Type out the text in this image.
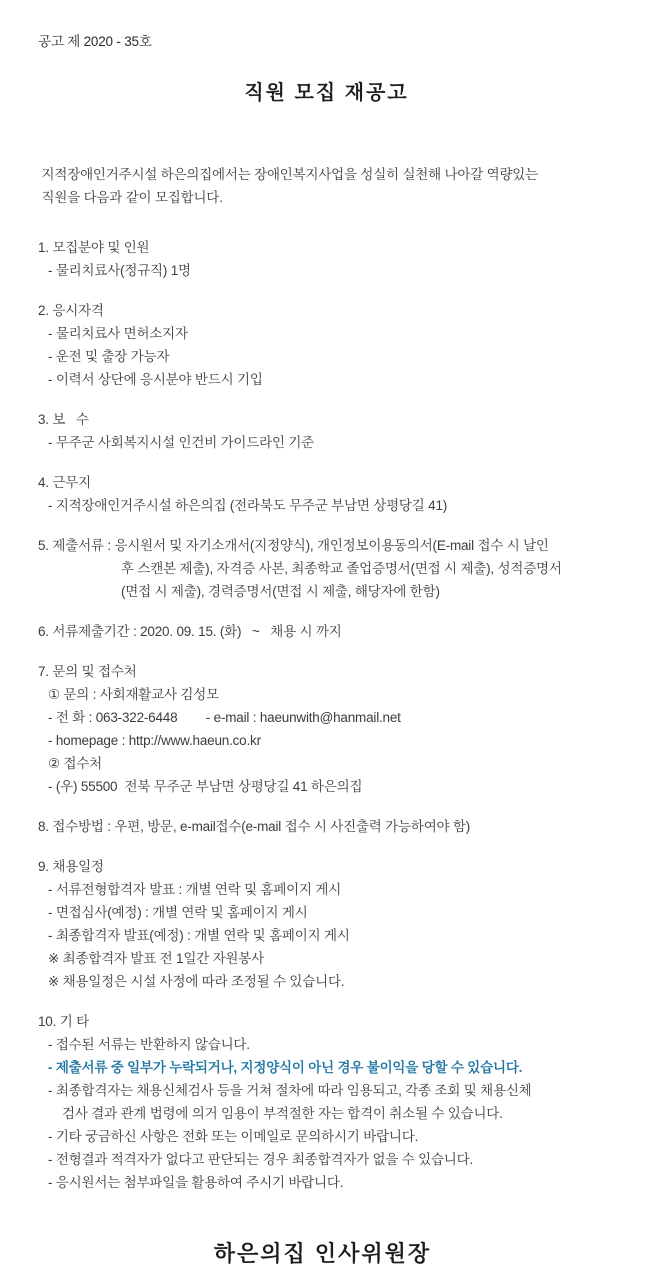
공고 제 2020 - 35호
직원 모집 재공고
지적장애인거주시설 하은의집에서는 장애인복지사업을 성실히 실천해 나아갈 역량있는
직원을 다음과 같이 모집합니다.
1. 모집분야 및 인원
- 물리치료사(정규직) 1명
2. 응시자격
- 물리치료사 면허소지자
- 운전 및 출장 가능자
- 이력서 상단에 응시분야 반드시 기입
3. 보   수
- 무주군 사회복지시설 인건비 가이드라인 기준
4. 근무지
- 지적장애인거주시설 하은의집 (전라북도 무주군 부남면 상평당길 41)
5. 제출서류 : 응시원서 및 자기소개서(지정양식), 개인정보이용동의서(E-mail 접수 시 날인
후 스캔본 제출), 자격증 사본, 최종학교 졸업증명서(면접 시 제출), 성적증명서
(면접 시 제출), 경력증명서(면접 시 제출, 해당자에 한함)
6. 서류제출기간 : 2020. 09. 15. (화)   ~   채용 시 까지
7. 문의 및 접수처
① 문의 : 사회재활교사 김성모
- 전 화 : 063-322-6448        - e-mail : haeunwith@hanmail.net
- homepage : http://www.haeun.co.kr
② 접수처
- (우) 55500  전북 무주군 부남면 상평당길 41 하은의집
8. 접수방법 : 우편, 방문, e-mail접수(e-mail 접수 시 사진출력 가능하여야 함)
9. 채용일정
- 서류전형합격자 발표 : 개별 연락 및 홈페이지 게시
- 면접심사(예정) : 개별 연락 및 홈페이지 게시
- 최종합격자 발표(예정) : 개별 연락 및 홈페이지 게시
※ 최종합격자 발표 전 1일간 자원봉사
※ 채용일정은 시설 사정에 따라 조정될 수 있습니다.
10. 기 타
- 접수된 서류는 반환하지 않습니다.
- 제출서류 중 일부가 누락되거나, 지정양식이 아닌 경우 불이익을 당할 수 있습니다.
- 최종합격자는 채용신체검사 등을 거쳐 절차에 따라 임용되고, 각종 조회 및 채용신체
검사 결과 관계 법령에 의거 임용이 부적절한 자는 합격이 취소될 수 있습니다.
- 기타 궁금하신 사항은 전화 또는 이메일로 문의하시기 바랍니다.
- 전형결과 적격자가 없다고 판단되는 경우 최종합격자가 없을 수 있습니다.
- 응시원서는 첨부파일을 활용하여 주시기 바랍니다.
하은의집 인사위원장
